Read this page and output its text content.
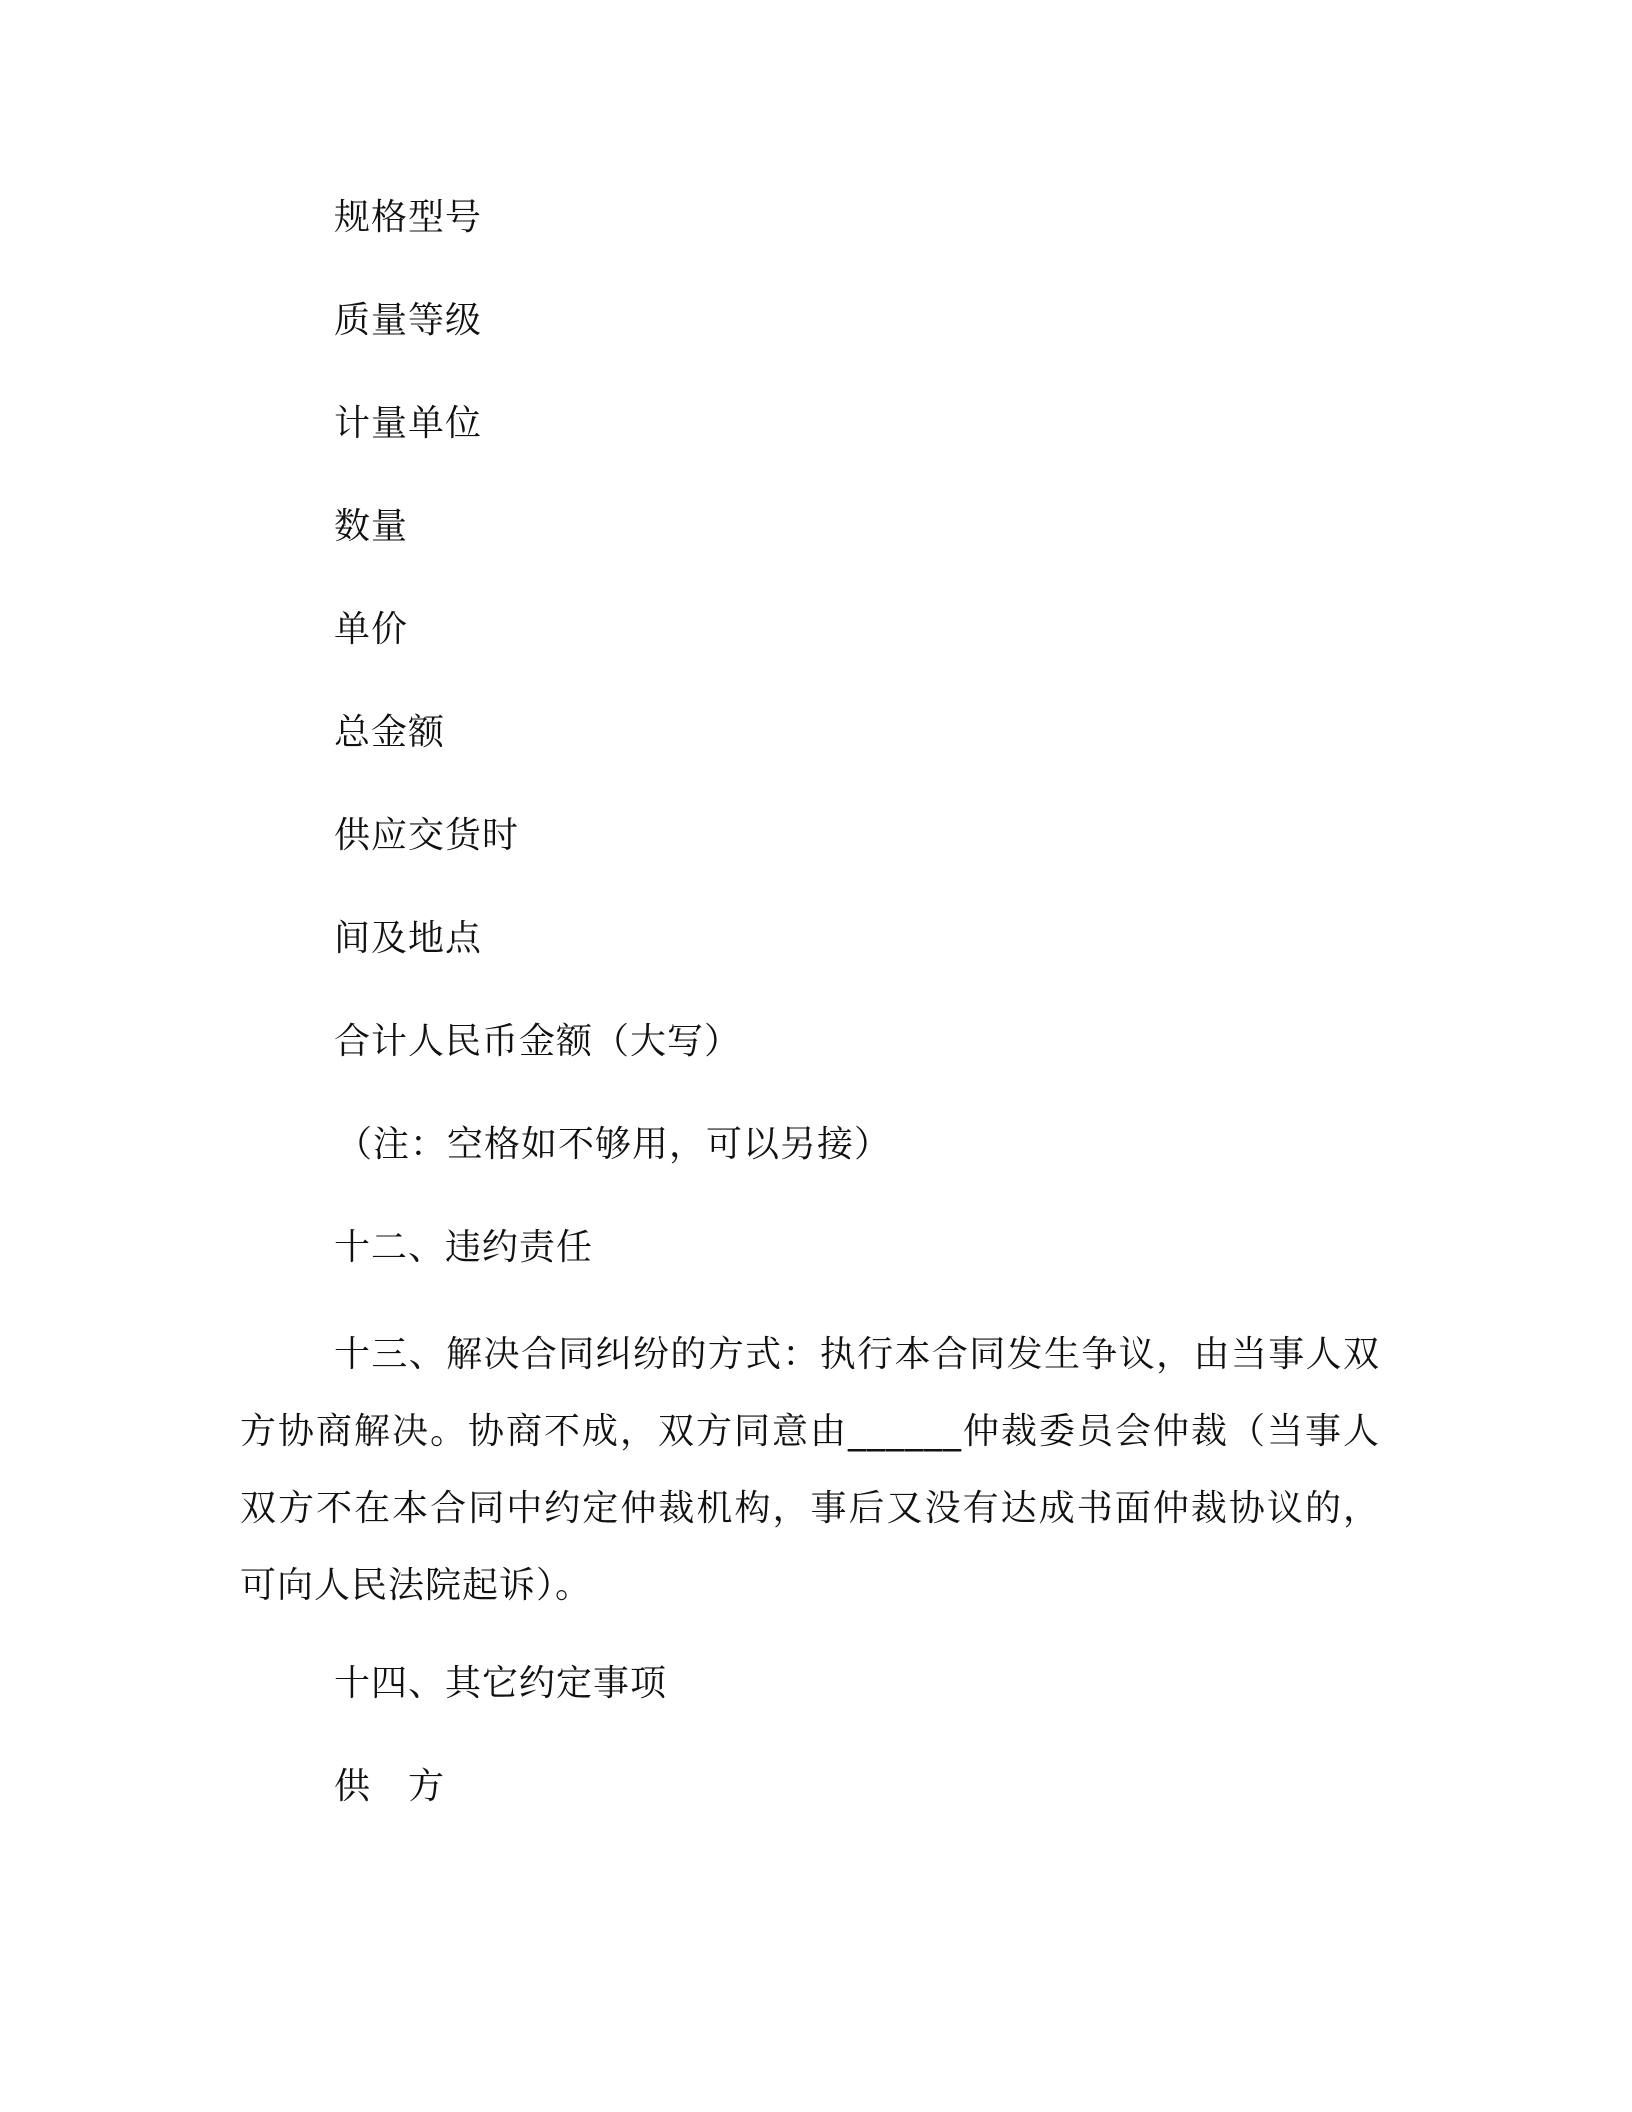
规格型号
质量等级
计量单位
数量
单价
总金额
供应交货时
间及地点
合计人民币金额（大写）
（注：空格如不够用，可以另接）
十二、违约责任
十三、解决合同纠纷的方式：执行本合同发生争议，由当事人双方协商解决。协商不成，双方同意由______仲裁委员会仲裁（当事人双方不在本合同中约定仲裁机构，事后又没有达成书面仲裁协议的，可向人民法院起诉）。
十四、其它约定事项
供　方
